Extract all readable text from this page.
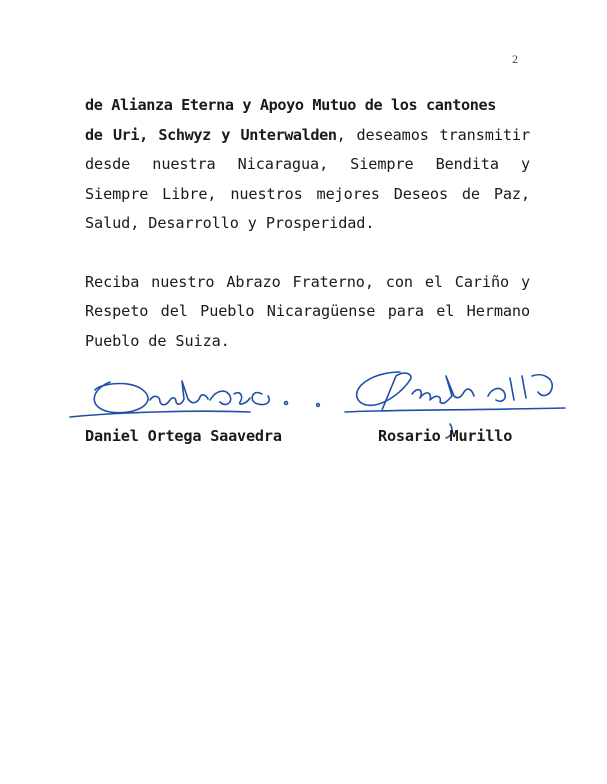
2

de Alianza Eterna y Apoyo Mutuo de los cantones
de Uri, Schwyz y Unterwalden, deseamos transmitir desde nuestra Nicaragua, Siempre Bendita y Siempre Libre, nuestros mejores Deseos de Paz, Salud, Desarrollo y Prosperidad.

Reciba nuestro Abrazo Fraterno, con el Cariño y Respeto del Pueblo Nicaragüense para el Hermano Pueblo de Suiza.

Daniel Ortega Saavedra	Rosario Murillo
